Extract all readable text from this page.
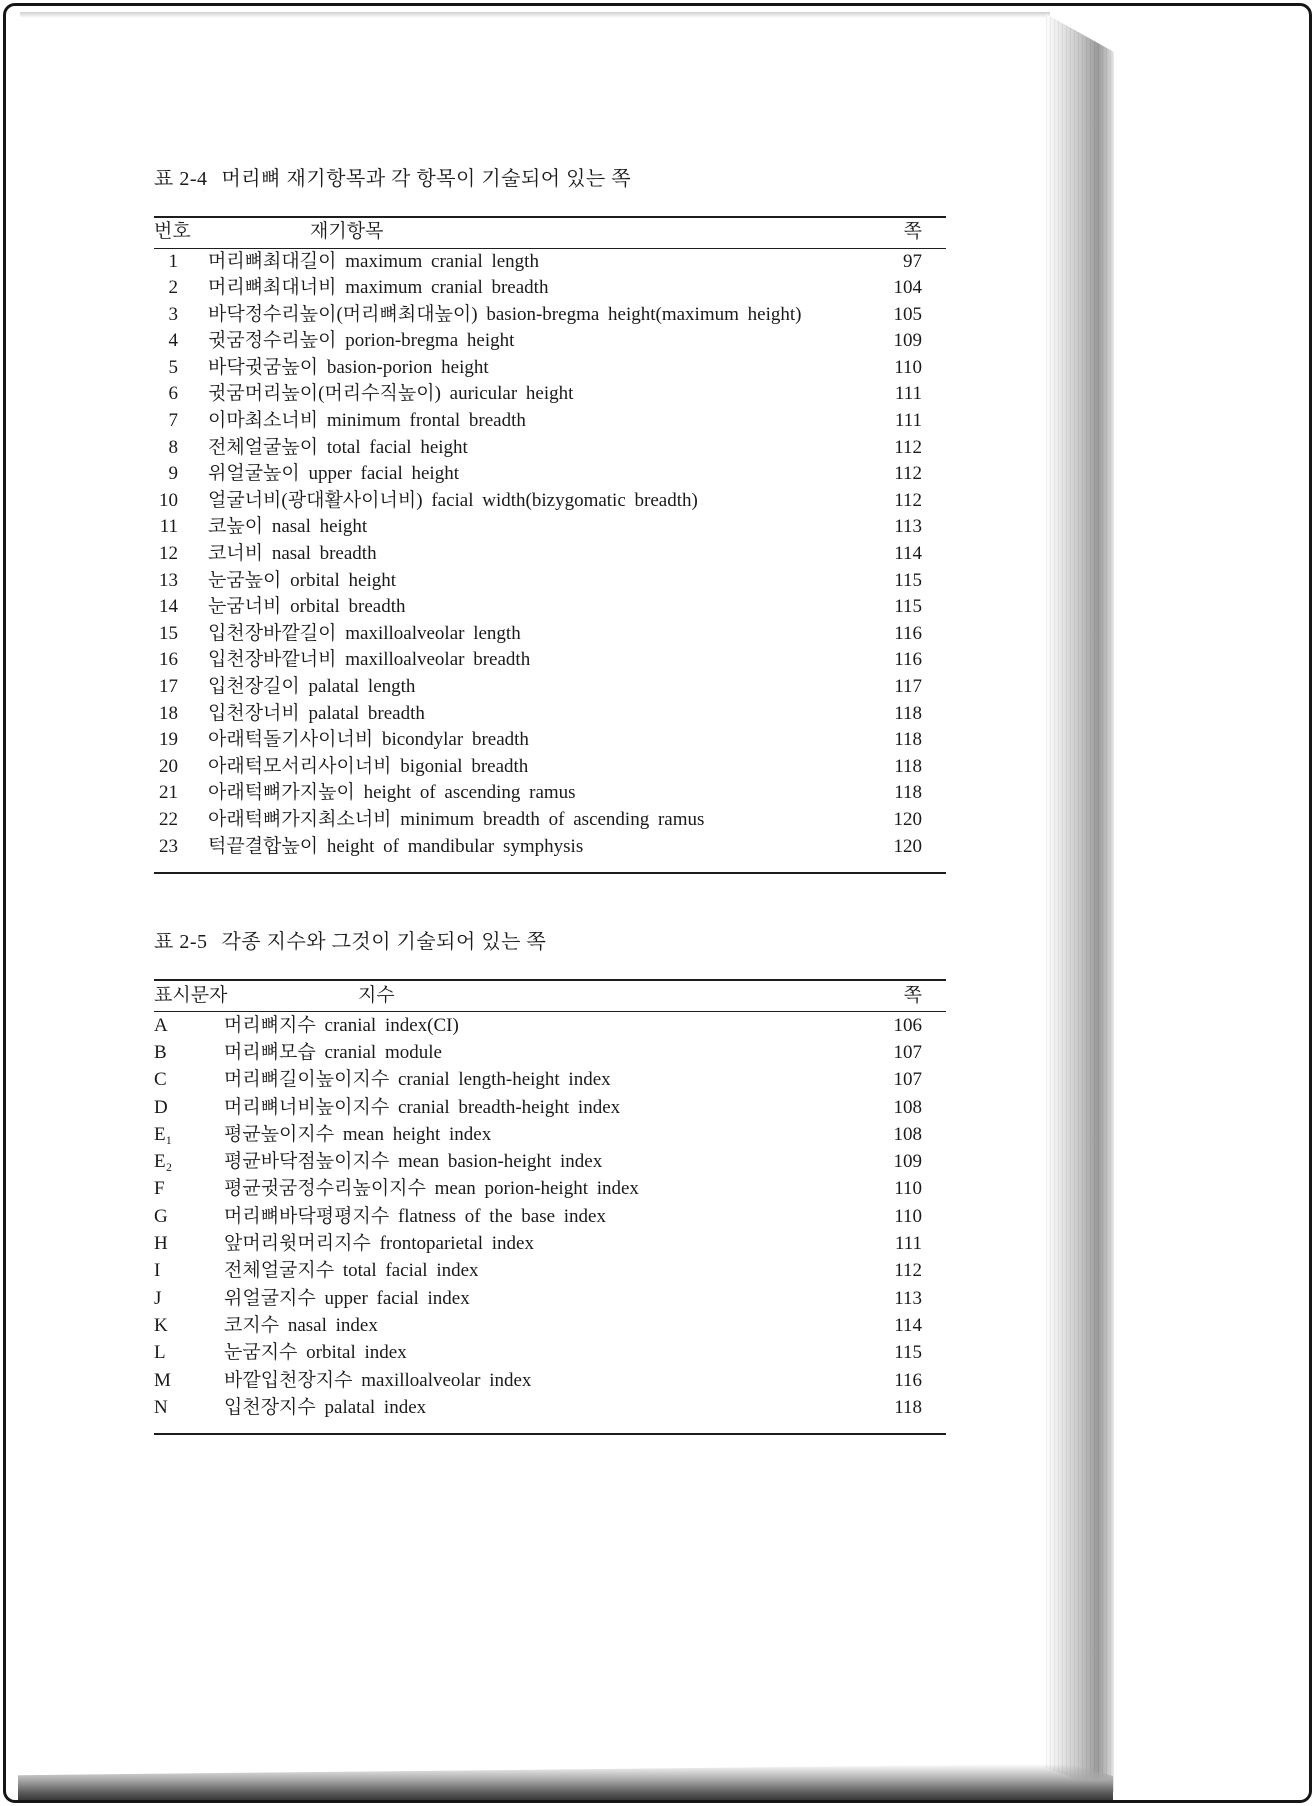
표 2-4 머리뼈 재기항목과 각 항목이 기술되어 있는 쪽
번호	재기항목	쪽
1	머리뼈최대길이 maximum cranial length	97
2	머리뼈최대너비 maximum cranial breadth	104
3	바닥정수리높이(머리뼈최대높이) basion-bregma height(maximum height)	105
4	귓굼정수리높이 porion-bregma height	109
5	바닥귓굼높이 basion-porion height	110
6	귓굼머리높이(머리수직높이) auricular height	111
7	이마최소너비 minimum frontal breadth	111
8	전체얼굴높이 total facial height	112
9	위얼굴높이 upper facial height	112
10	얼굴너비(광대활사이너비) facial width(bizygomatic breadth)	112
11	코높이 nasal height	113
12	코너비 nasal breadth	114
13	눈굼높이 orbital height	115
14	눈굼너비 orbital breadth	115
15	입천장바깥길이 maxilloalveolar length	116
16	입천장바깥너비 maxilloalveolar breadth	116
17	입천장길이 palatal length	117
18	입천장너비 palatal breadth	118
19	아래턱돌기사이너비 bicondylar breadth	118
20	아래턱모서리사이너비 bigonial breadth	118
21	아래턱뼈가지높이 height of ascending ramus	118
22	아래턱뼈가지최소너비 minimum breadth of ascending ramus	120
23	턱끝결합높이 height of mandibular symphysis	120
표 2-5 각종 지수와 그것이 기술되어 있는 쪽
표시문자	지수	쪽
A	머리뼈지수 cranial index(CI)	106
B	머리뼈모습 cranial module	107
C	머리뼈길이높이지수 cranial length-height index	107
D	머리뼈너비높이지수 cranial breadth-height index	108
E₁	평균높이지수 mean height index	108
E₂	평균바닥점높이지수 mean basion-height index	109
F	평균귓굼정수리높이지수 mean porion-height index	110
G	머리뼈바닥평평지수 flatness of the base index	110
H	앞머리윗머리지수 frontoparietal index	111
I	전체얼굴지수 total facial index	112
J	위얼굴지수 upper facial index	113
K	코지수 nasal index	114
L	눈굼지수 orbital index	115
M	바깥입천장지수 maxilloalveolar index	116
N	입천장지수 palatal index	118
